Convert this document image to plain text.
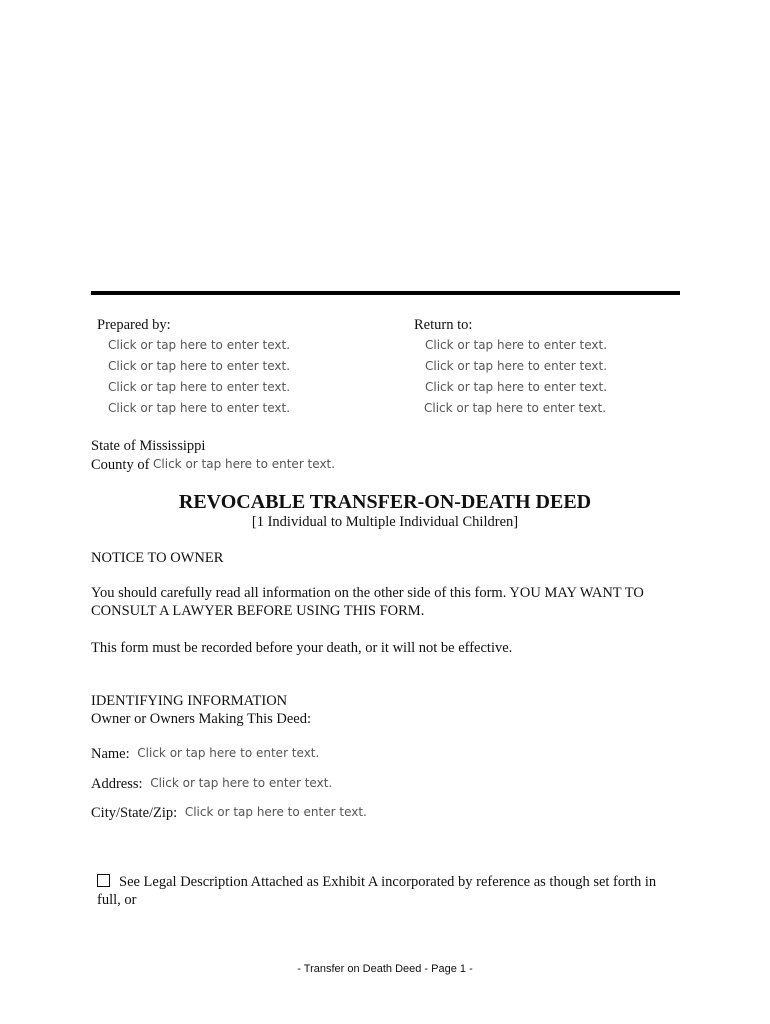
Prepared by:
Click or tap here to enter text.
Click or tap here to enter text.
Click or tap here to enter text.
Click or tap here to enter text.
Return to:
Click or tap here to enter text.
Click or tap here to enter text.
Click or tap here to enter text.
Click or tap here to enter text.
State of Mississippi
County of Click or tap here to enter text.
REVOCABLE TRANSFER-ON-DEATH DEED
[1 Individual to Multiple Individual Children]
NOTICE TO OWNER
You should carefully read all information on the other side of this form. YOU MAY WANT TO CONSULT A LAWYER BEFORE USING THIS FORM.
This form must be recorded before your death, or it will not be effective.
IDENTIFYING INFORMATION
Owner or Owners Making This Deed:
Name: Click or tap here to enter text.
Address: Click or tap here to enter text.
City/State/Zip: Click or tap here to enter text.
See Legal Description Attached as Exhibit A incorporated by reference as though set forth in full, or
- Transfer on Death Deed - Page 1 -
